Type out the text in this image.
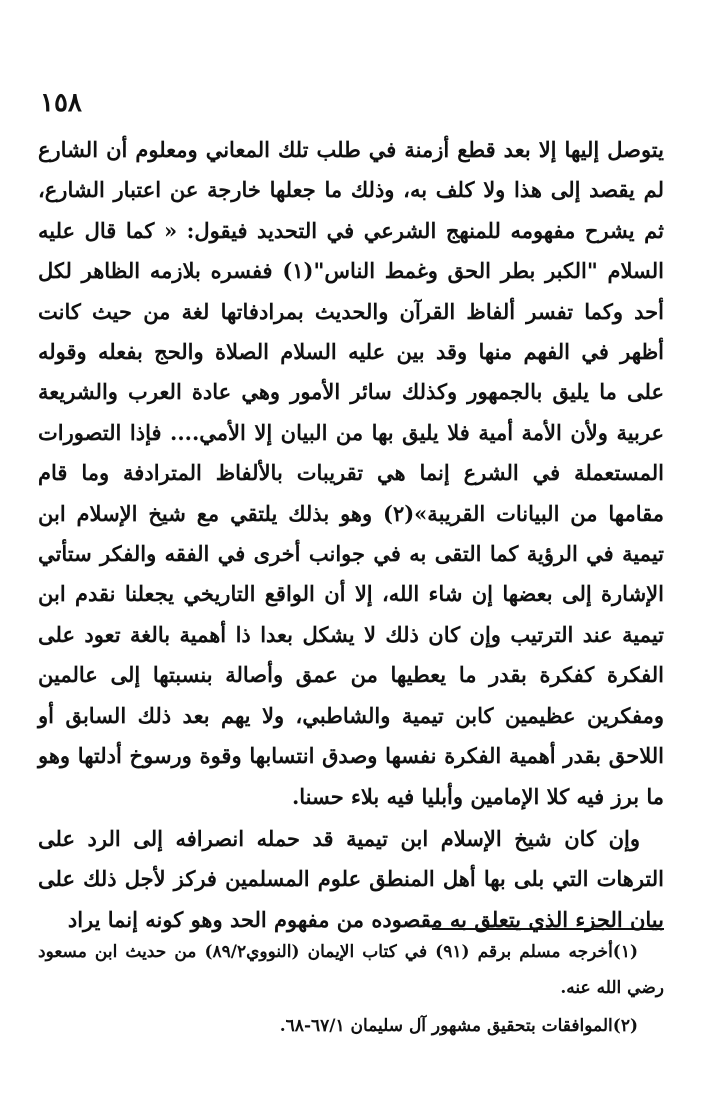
١٥٨

يتوصل إليها إلا بعد قطع أزمنة في طلب تلك المعاني ومعلوم أن الشارع لم يقصد إلى هذا ولا كلف به، وذلك ما جعلها خارجة عن اعتبار الشارع، ثم يشرح مفهومه للمنهج الشرعي في التحديد فيقول: « كما قال عليه السلام "الكبر بطر الحق وغمط الناس"(١) ففسره بلازمه الظاهر لكل أحد وكما تفسر ألفاظ القرآن والحديث بمرادفاتها لغة من حيث كانت أظهر في الفهم منها وقد بين عليه السلام الصلاة والحج بفعله وقوله على ما يليق بالجمهور وكذلك سائر الأمور وهي عادة العرب والشريعة عربية ولأن الأمة أمية فلا يليق بها من البيان إلا الأمي.... فإذا التصورات المستعملة في الشرع إنما هي تقريبات بالألفاظ المترادفة وما قام مقامها من البيانات القريبة»(٢) وهو بذلك يلتقي مع شيخ الإسلام ابن تيمية في الرؤية كما التقى به في جوانب أخرى في الفقه والفكر ستأتي الإشارة إلى بعضها إن شاء الله، إلا أن الواقع التاريخي يجعلنا نقدم ابن تيمية عند الترتيب وإن كان ذلك لا يشكل بعدا ذا أهمية بالغة تعود على الفكرة كفكرة بقدر ما يعطيها من عمق وأصالة بنسبتها إلى عالمين ومفكرين عظيمين كابن تيمية والشاطبي، ولا يهم بعد ذلك السابق أو اللاحق بقدر أهمية الفكرة نفسها وصدق انتسابها وقوة ورسوخ أدلتها وهو ما برز فيه كلا الإمامين وأبليا فيه بلاء حسنا.

وإن كان شيخ الإسلام ابن تيمية قد حمله انصرافه إلى الرد على الترهات التي بلى بها أهل المنطق علوم المسلمين فركز لأجل ذلك على بيان الجزء الذي يتعلق به مقصوده من مفهوم الحد وهو كونه إنما يراد

(١)أخرجه مسلم برقم (٩١) في كتاب الإيمان (النووي٨٩/٢) من حديث ابن مسعود رضي الله عنه.

(٢)الموافقات بتحقيق مشهور آل سليمان ٦٧/١-٦٨.
